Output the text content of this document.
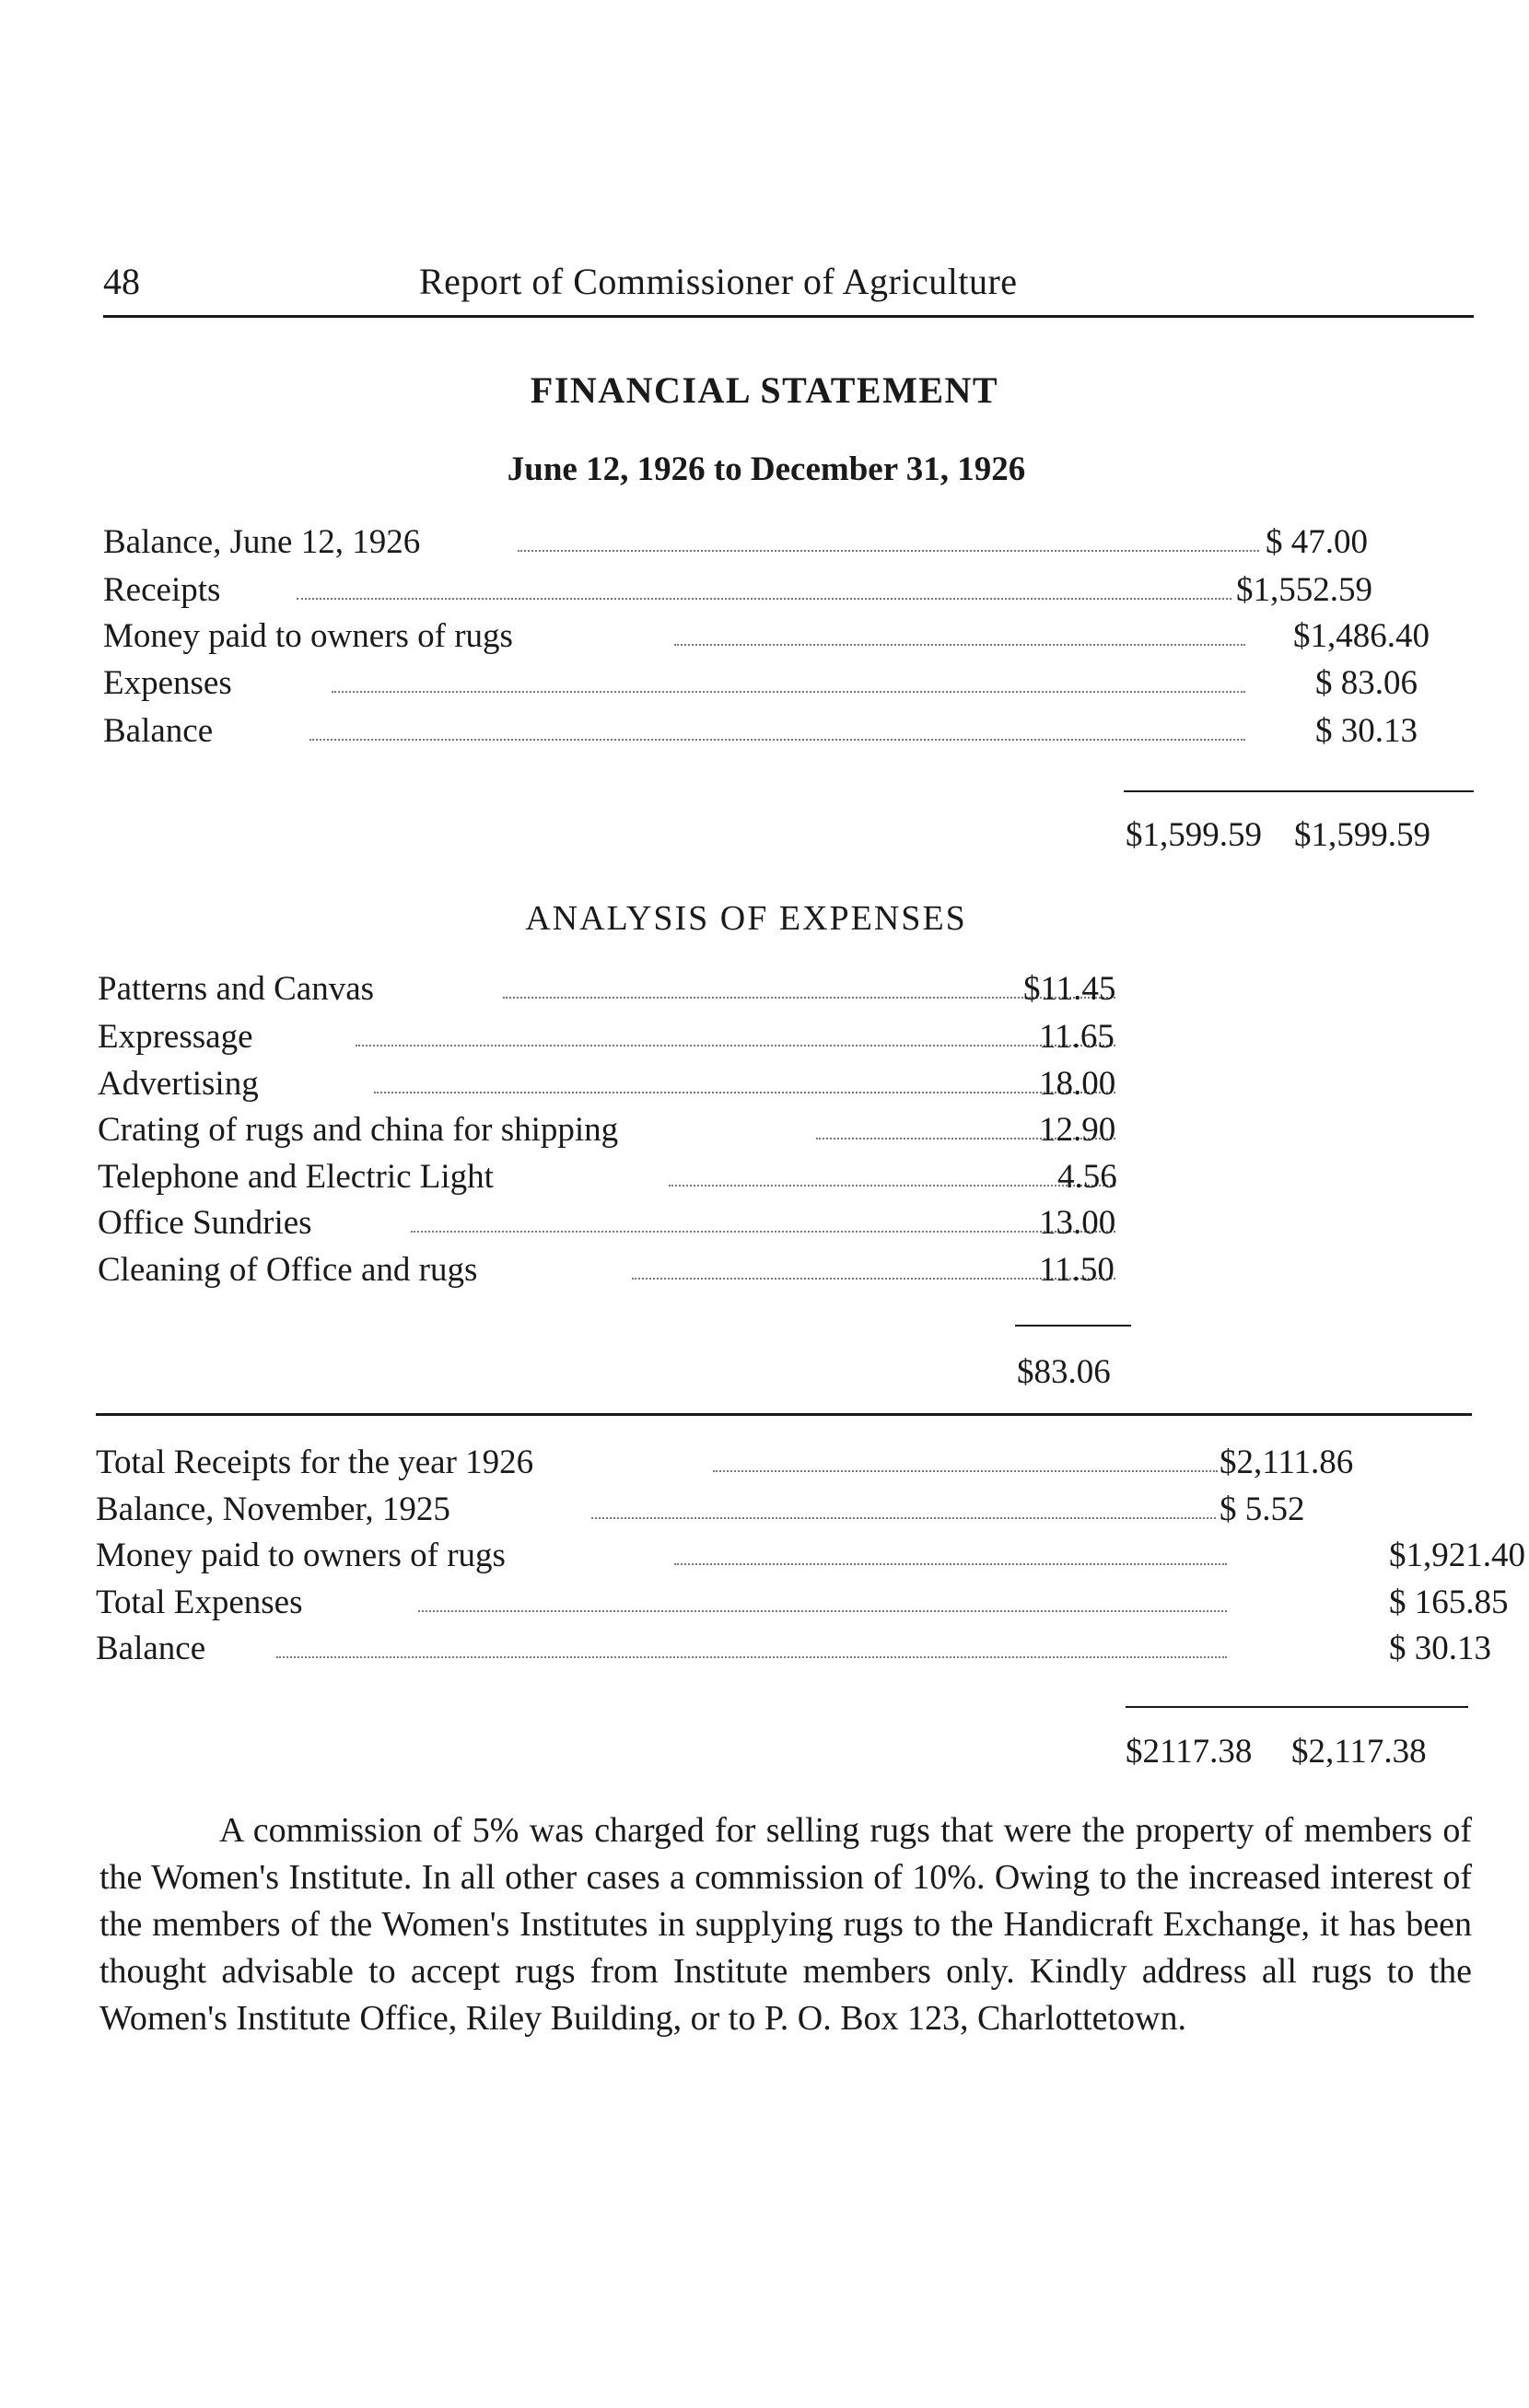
48	Report of Commissioner of Agriculture
FINANCIAL STATEMENT
June 12, 1926 to December 31, 1926
Balance, June 12, 1926	$ 47.00
Receipts	$1,552.59
Money paid to owners of rugs	$1,486.40
Expenses	$ 83.06
Balance	$ 30.13
$1,599.59 $1,599.59
ANALYSIS OF EXPENSES
Patterns and Canvas	$11.45
Expressage	11.65
Advertising	18.00
Crating of rugs and china for shipping	12.90
Telephone and Electric Light	4.56
Office Sundries	13.00
Cleaning of Office and rugs	11.50
$83.06
Total Receipts for the year 1926	$2,111.86
Balance, November, 1925	$ 5.52
Money paid to owners of rugs	$1,921.40
Total Expenses	$ 165.85
Balance	$ 30.13
$2117.38 $2,117.38

A commission of 5% was charged for selling rugs that were the property of members of the Women's Institute. In all other cases a commission of 10%. Owing to the increased interest of the members of the Women's Institutes in supplying rugs to the Handicraft Exchange, it has been thought advisable to accept rugs from Institute members only. Kindly address all rugs to the Women's Institute Office, Riley Building, or to P. O. Box 123, Charlottetown.
